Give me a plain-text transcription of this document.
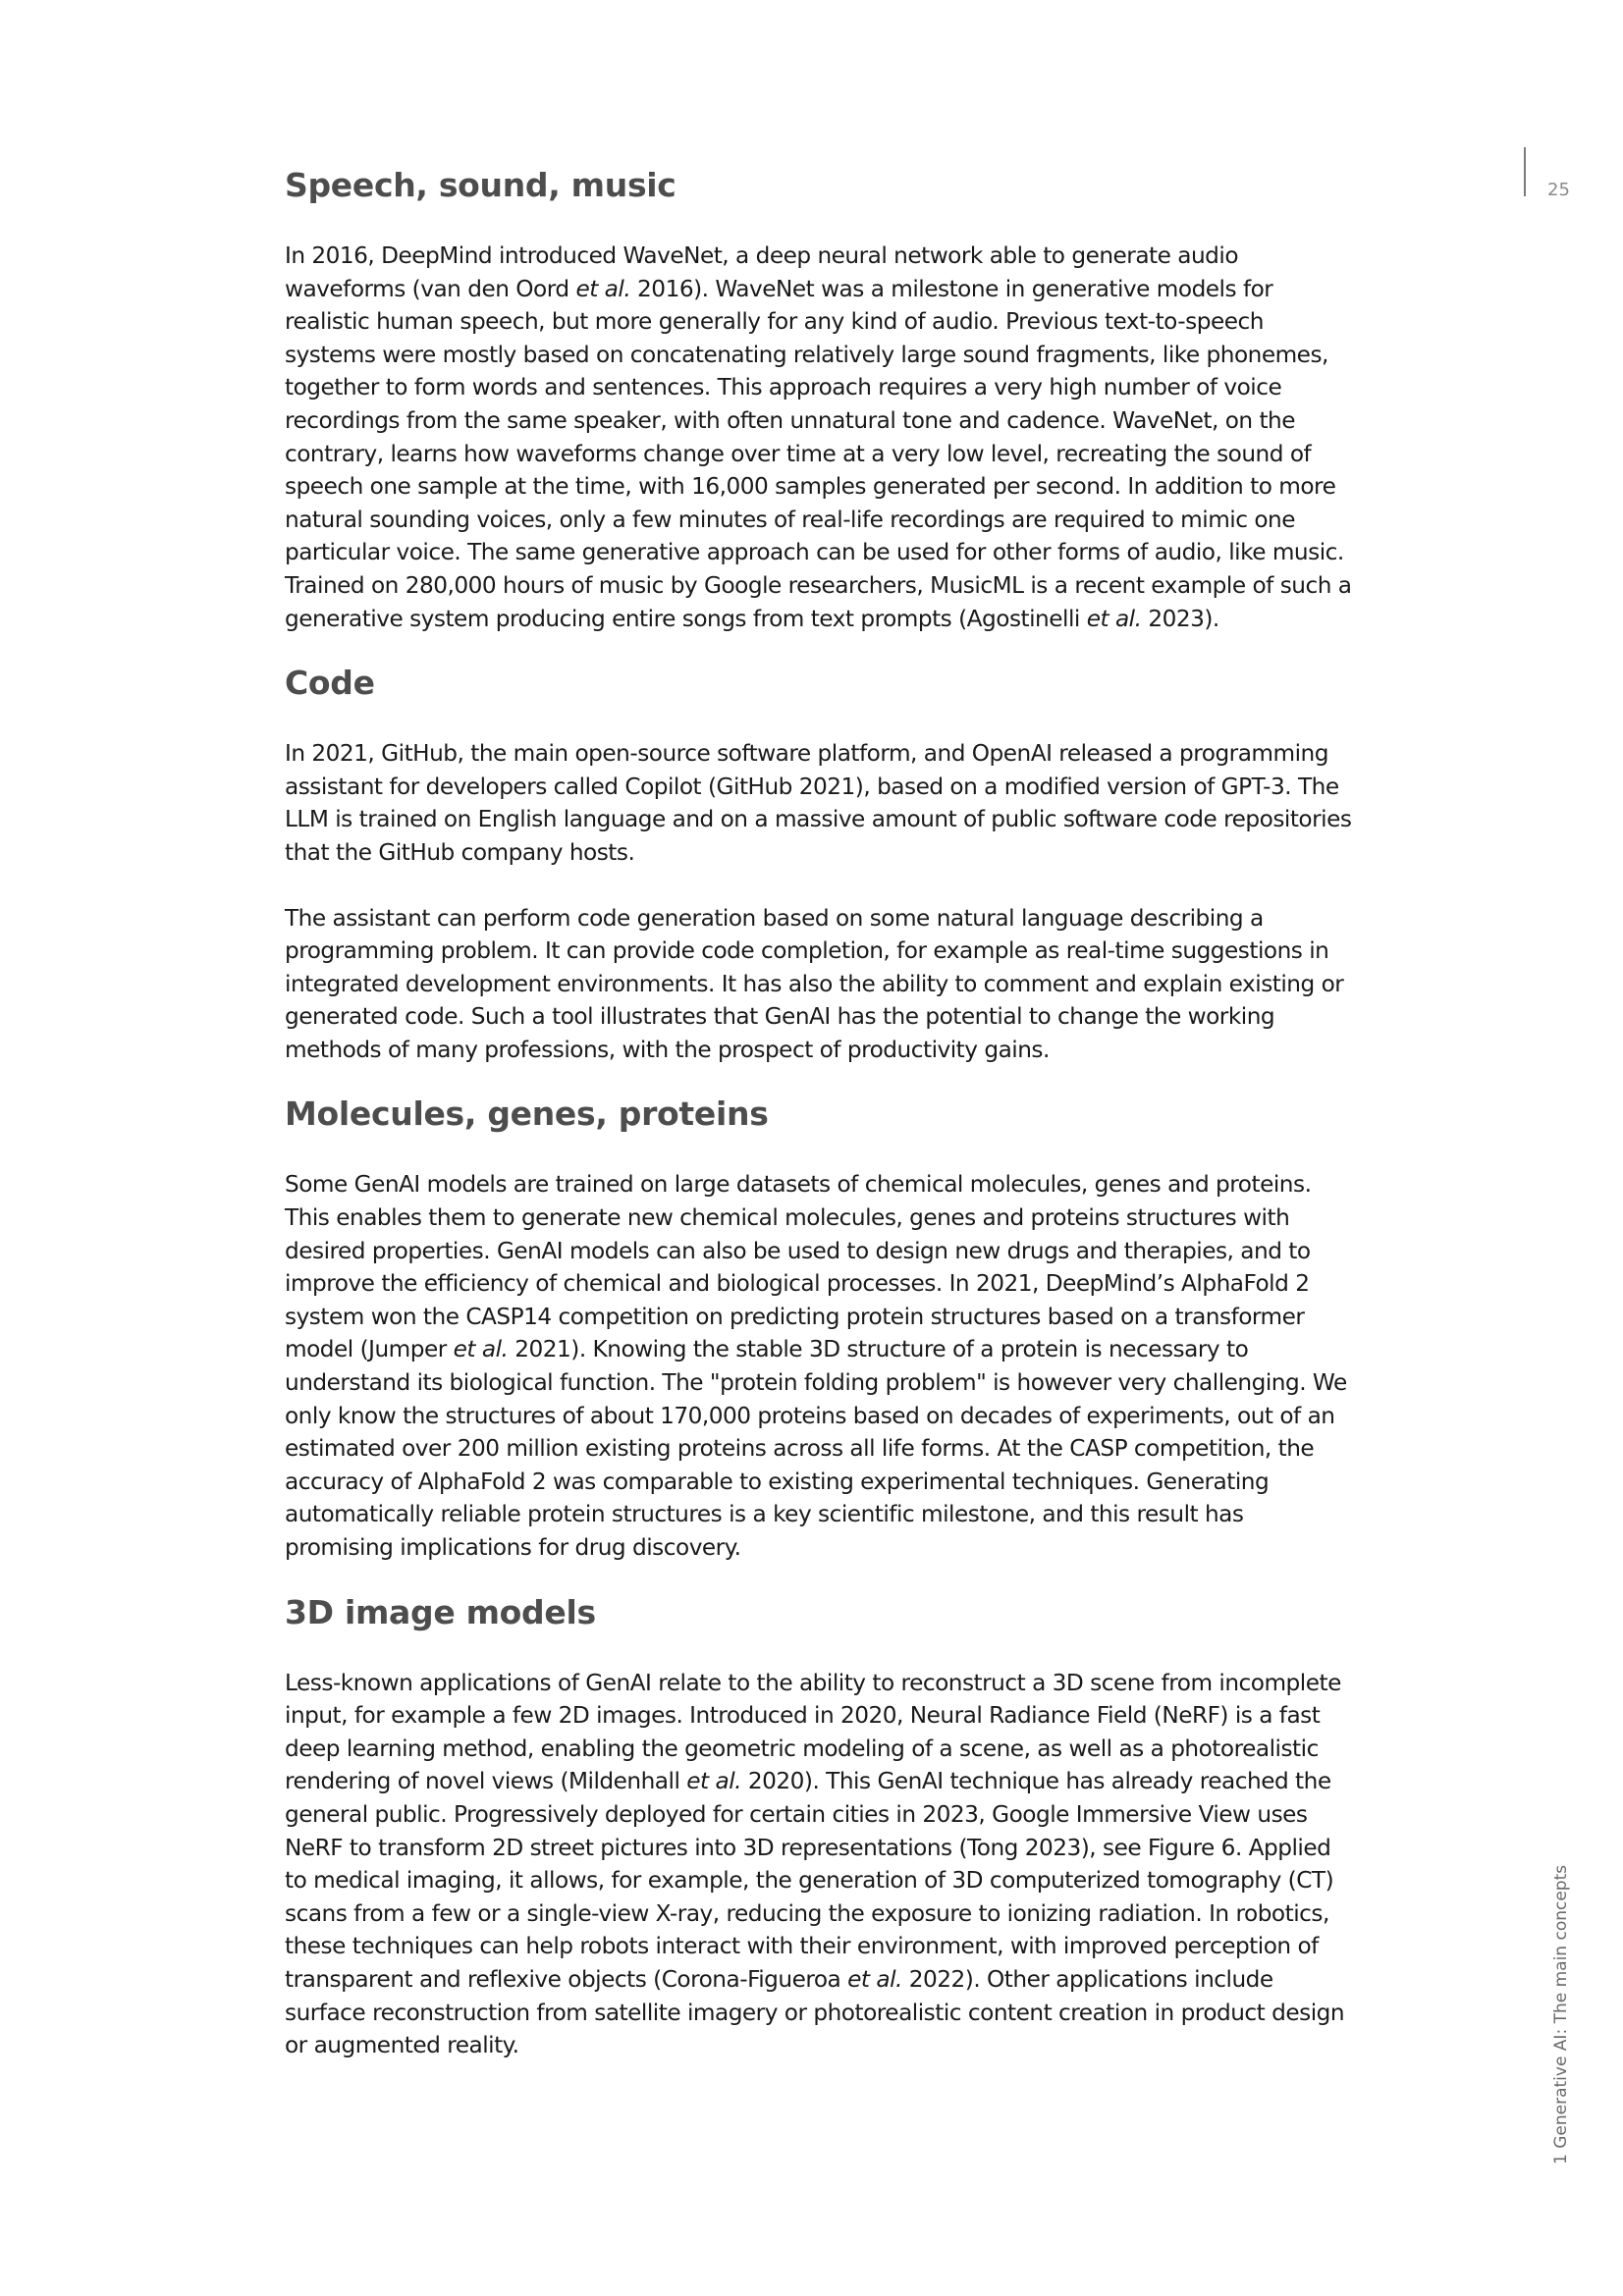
25
1 Generative AI: The main concepts
Speech, sound, music

In 2016, DeepMind introduced WaveNet, a deep neural network able to generate audio waveforms (van den Oord et al. 2016). WaveNet was a milestone in generative models for realistic human speech, but more generally for any kind of audio. Previous text-to-speech systems were mostly based on concatenating relatively large sound fragments, like phonemes, together to form words and sentences. This approach requires a very high number of voice recordings from the same speaker, with often unnatural tone and cadence. WaveNet, on the contrary, learns how waveforms change over time at a very low level, recreating the sound of speech one sample at the time, with 16,000 samples generated per second. In addition to more natural sounding voices, only a few minutes of real-life recordings are required to mimic one particular voice. The same generative approach can be used for other forms of audio, like music. Trained on 280,000 hours of music by Google researchers, MusicML is a recent example of such a generative system producing entire songs from text prompts (Agostinelli et al. 2023).

Code

In 2021, GitHub, the main open-source software platform, and OpenAI released a programming assistant for developers called Copilot (GitHub 2021), based on a modified version of GPT-3. The LLM is trained on English language and on a massive amount of public software code repositories that the GitHub company hosts.

The assistant can perform code generation based on some natural language describing a programming problem. It can provide code completion, for example as real-time suggestions in integrated development environments. It has also the ability to comment and explain existing or generated code. Such a tool illustrates that GenAI has the potential to change the working methods of many professions, with the prospect of productivity gains.

Molecules, genes, proteins

Some GenAI models are trained on large datasets of chemical molecules, genes and proteins. This enables them to generate new chemical molecules, genes and proteins structures with desired properties. GenAI models can also be used to design new drugs and therapies, and to improve the efficiency of chemical and biological processes. In 2021, DeepMind’s AlphaFold 2 system won the CASP14 competition on predicting protein structures based on a transformer model (Jumper et al. 2021). Knowing the stable 3D structure of a protein is necessary to understand its biological function. The "protein folding problem" is however very challenging. We only know the structures of about 170,000 proteins based on decades of experiments, out of an estimated over 200 million existing proteins across all life forms. At the CASP competition, the accuracy of AlphaFold 2 was comparable to existing experimental techniques. Generating automatically reliable protein structures is a key scientific milestone, and this result has promising implications for drug discovery.

3D image models

Less-known applications of GenAI relate to the ability to reconstruct a 3D scene from incomplete input, for example a few 2D images. Introduced in 2020, Neural Radiance Field (NeRF) is a fast deep learning method, enabling the geometric modeling of a scene, as well as a photorealistic rendering of novel views (Mildenhall et al. 2020). This GenAI technique has already reached the general public. Progressively deployed for certain cities in 2023, Google Immersive View uses NeRF to transform 2D street pictures into 3D representations (Tong 2023), see Figure 6. Applied to medical imaging, it allows, for example, the generation of 3D computerized tomography (CT) scans from a few or a single-view X-ray, reducing the exposure to ionizing radiation. In robotics, these techniques can help robots interact with their environment, with improved perception of transparent and reflexive objects (Corona-Figueroa et al. 2022). Other applications include surface reconstruction from satellite imagery or photorealistic content creation in product design or augmented reality.
